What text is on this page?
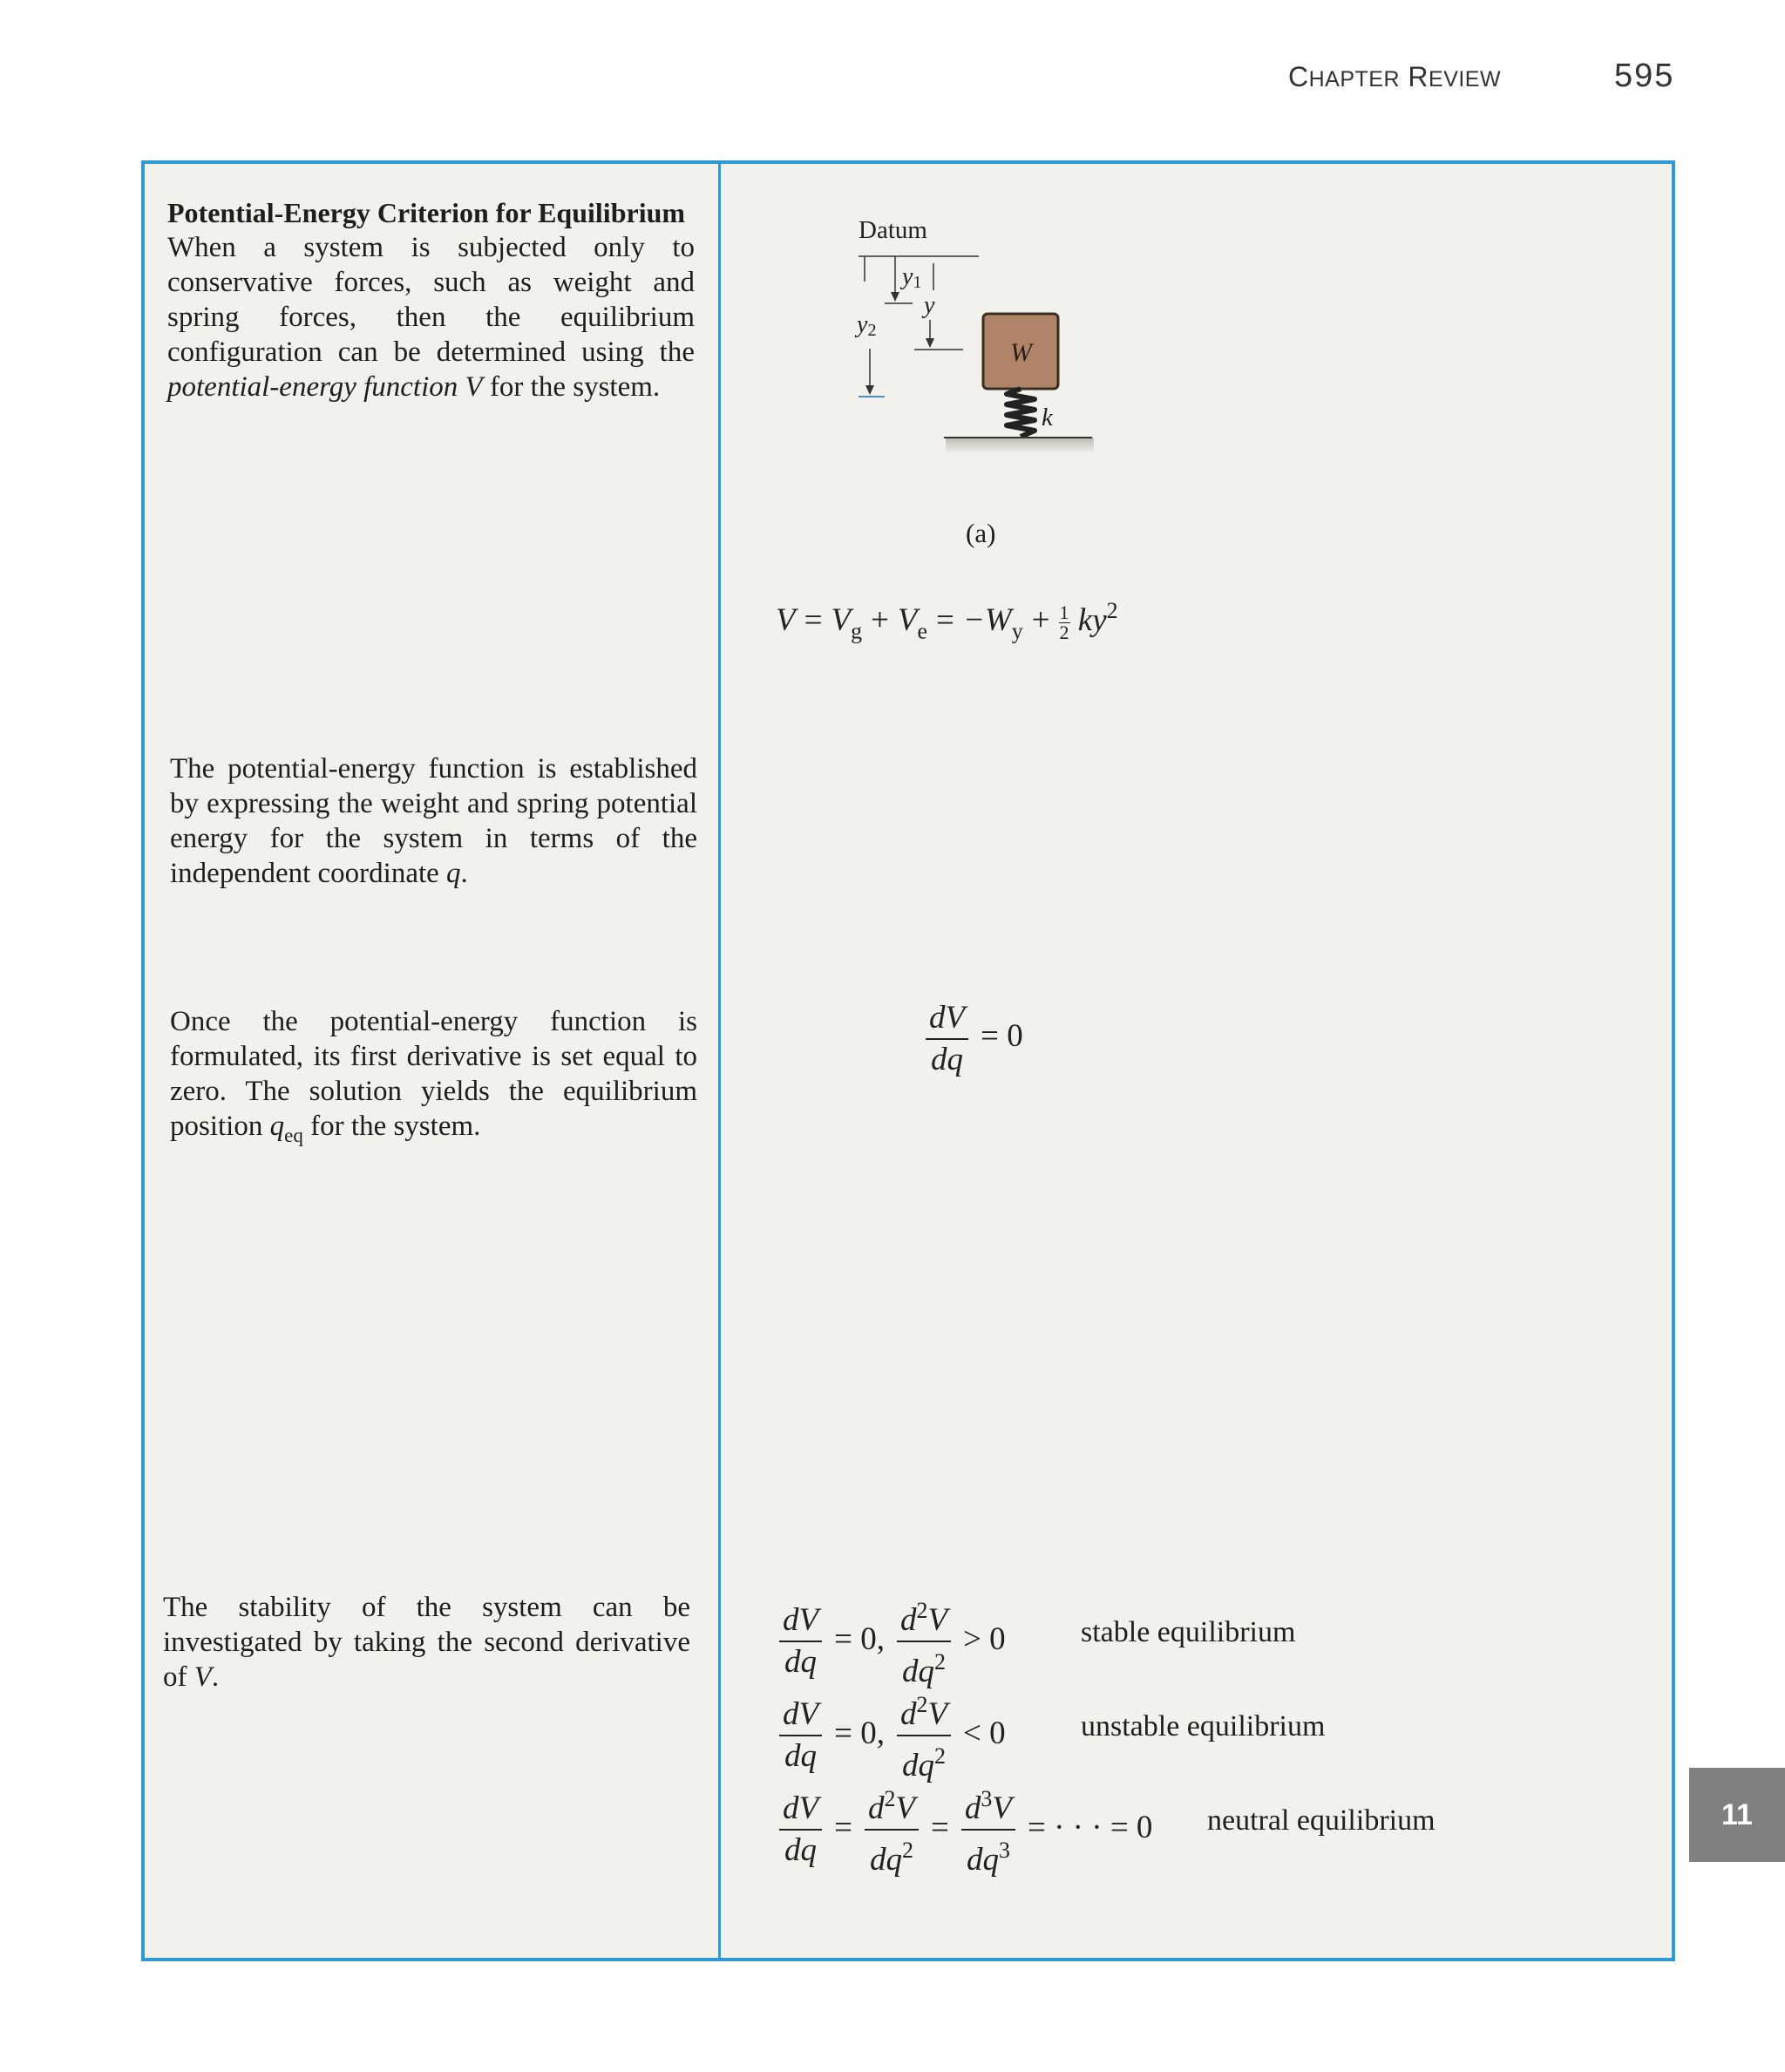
CHAPTER REVIEW	595

Potential-Energy Criterion for Equilibrium

When a system is subjected only to conservative forces, such as weight and spring forces, then the equilibrium configuration can be determined using the potential-energy function V for the system.

The potential-energy function is established by expressing the weight and spring potential energy for the system in terms of the independent coordinate q.

Once the potential-energy function is formulated, its first derivative is set equal to zero. The solution yields the equilibrium position $q_{eq}$ for the system.

The stability of the system can be investigated by taking the second derivative of V.

Datum
y2
y1
y
W
k
(a)
$V = V_g + V_e = -W_y + \frac{1}{2} ky^2$
$\frac{dV}{dq} = 0$
$\frac{dV}{dq} = 0$, $\frac{d^2V}{dq^2} > 0$	stable equilibrium
$\frac{dV}{dq} = 0$, $\frac{d^2V}{dq^2} < 0$	unstable equilibrium
$\frac{dV}{dq} = \frac{d^2V}{dq^2} = \frac{d^3V}{dq^3}$ = · · · = 0 neutral equilibrium	11
